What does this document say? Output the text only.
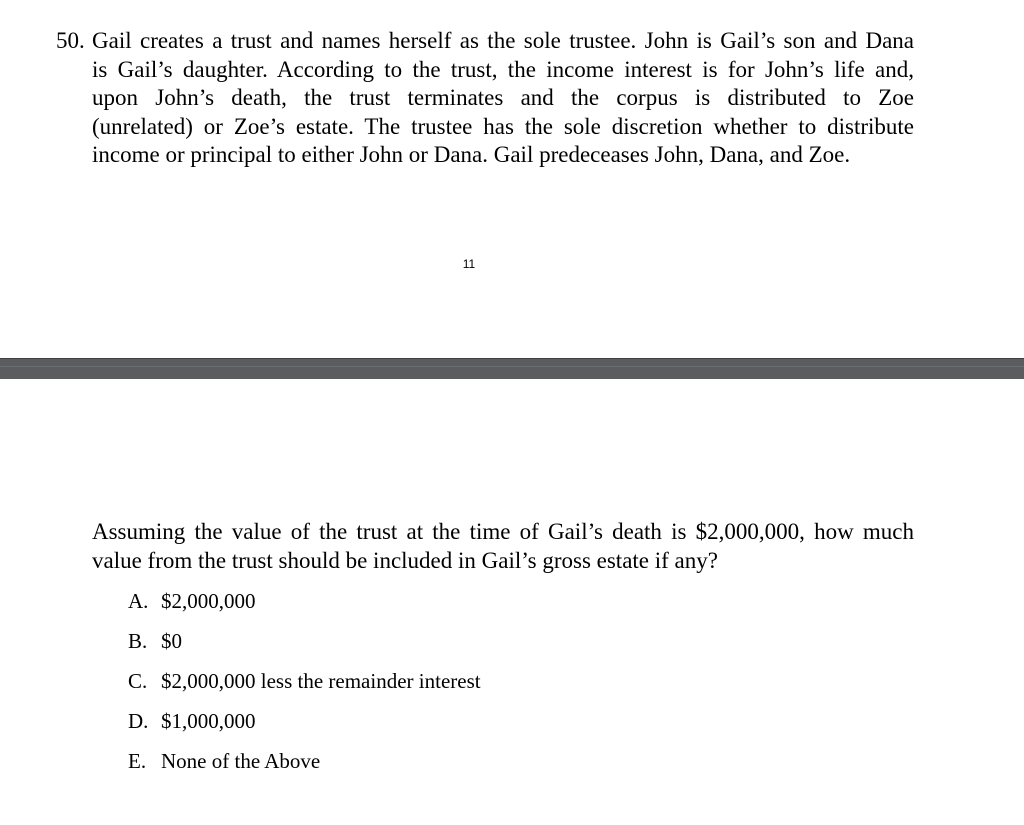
50. Gail creates a trust and names herself as the sole trustee. John is Gail’s son and Dana
is Gail’s daughter. According to the trust, the income interest is for John’s life and,
upon John’s death, the trust terminates and the corpus is distributed to Zoe
(unrelated) or Zoe’s estate. The trustee has the sole discretion whether to distribute
income or principal to either John or Dana. Gail predeceases John, Dana, and Zoe.
11
Assuming the value of the trust at the time of Gail’s death is $2,000,000, how much
value from the trust should be included in Gail’s gross estate if any?
A. $2,000,000
B. $0
C. $2,000,000 less the remainder interest
D. $1,000,000
E. None of the Above
